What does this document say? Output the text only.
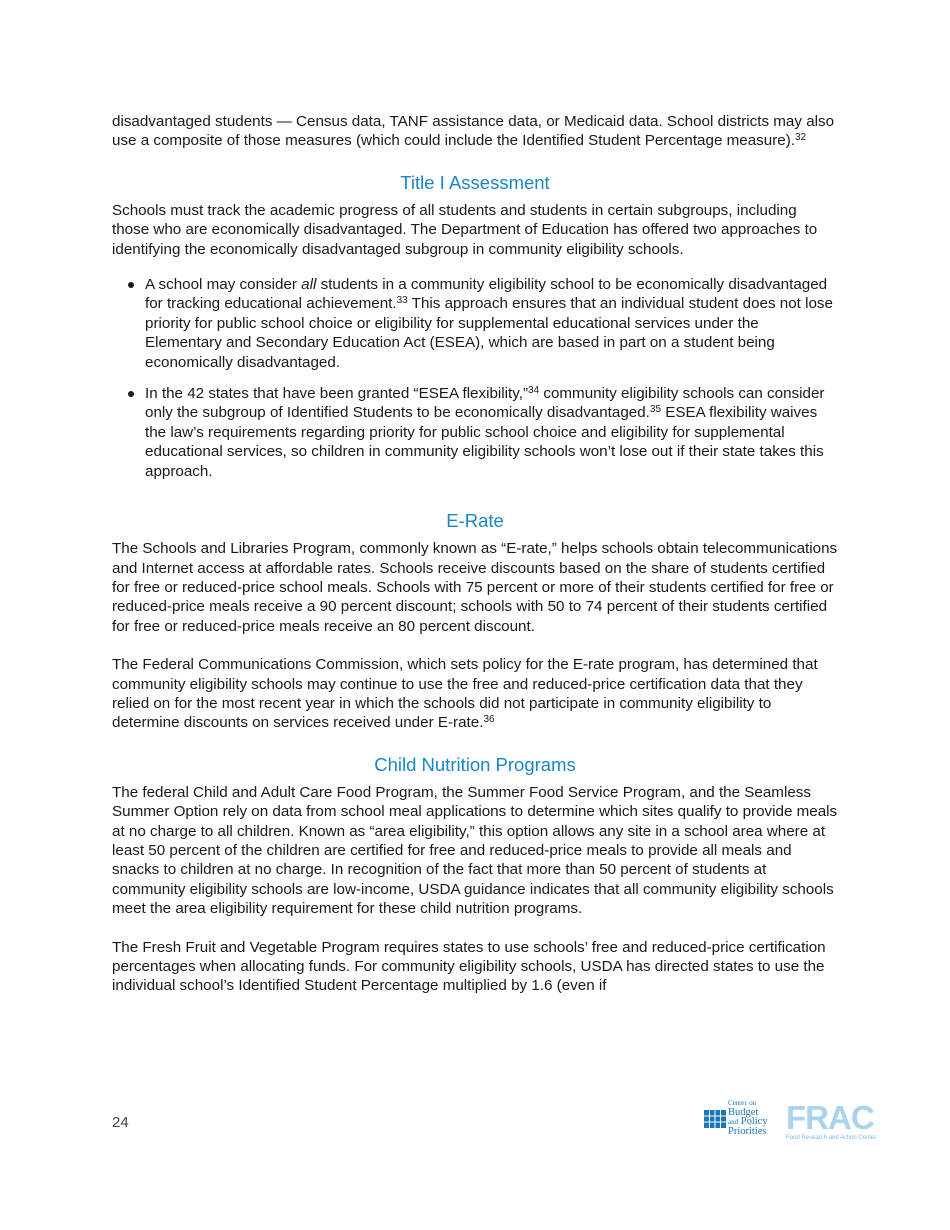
disadvantaged students — Census data, TANF assistance data, or Medicaid data. School districts may also use a composite of those measures (which could include the Identified Student Percentage measure).$^{32}$

Title I Assessment

Schools must track the academic progress of all students and students in certain subgroups, including those who are economically disadvantaged. The Department of Education has offered two approaches to identifying the economically disadvantaged subgroup in community eligibility schools.

A school may consider all students in a community eligibility school to be economically disadvantaged for tracking educational achievement.$^{33}$ This approach ensures that an individual student does not lose priority for public school choice or eligibility for supplemental educational services under the Elementary and Secondary Education Act (ESEA), which are based in part on a student being economically disadvantaged.
In the 42 states that have been granted “ESEA flexibility,”$^{34}$ community eligibility schools can consider only the subgroup of Identified Students to be economically disadvantaged.$^{35}$ ESEA flexibility waives the law’s requirements regarding priority for public school choice and eligibility for supplemental educational services, so children in community eligibility schools won’t lose out if their state takes this approach.
E-Rate

The Schools and Libraries Program, commonly known as “E-rate,” helps schools obtain telecommunications and Internet access at affordable rates. Schools receive discounts based on the share of students certified for free or reduced-price school meals. Schools with 75 percent or more of their students certified for free or reduced-price meals receive a 90 percent discount; schools with 50 to 74 percent of their students certified for free or reduced-price meals receive an 80 percent discount.

The Federal Communications Commission, which sets policy for the E-rate program, has determined that community eligibility schools may continue to use the free and reduced-price certification data that they relied on for the most recent year in which the schools did not participate in community eligibility to determine discounts on services received under E-rate.$^{36}$

Child Nutrition Programs

The federal Child and Adult Care Food Program, the Summer Food Service Program, and the Seamless Summer Option rely on data from school meal applications to determine which sites qualify to provide meals at no charge to all children. Known as “area eligibility,” this option allows any site in a school area where at least 50 percent of the children are certified for free and reduced-price meals to provide all meals and snacks to children at no charge. In recognition of the fact that more than 50 percent of students at community eligibility schools are low-income, USDA guidance indicates that all community eligibility schools meet the area eligibility requirement for these child nutrition programs.

The Fresh Fruit and Vegetable Program requires states to use schools’ free and reduced-price certification percentages when allocating funds. For community eligibility schools, USDA has directed states to use the individual school’s Identified Student Percentage multiplied by 1.6 (even if

24
Center on
Budget
and Policy
Priorities FRAC
Food Research and Action Center
